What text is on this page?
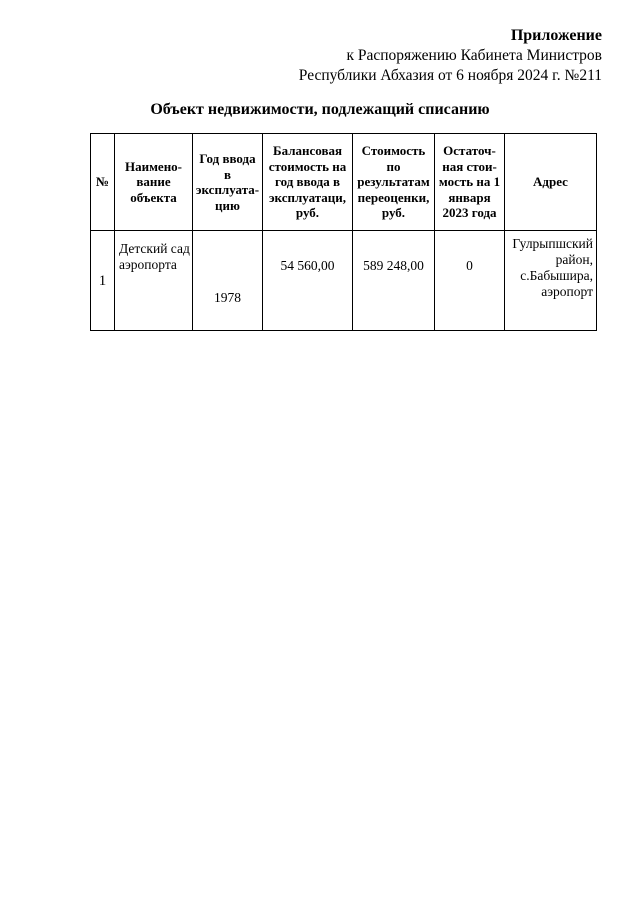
Приложение
к Распоряжению Кабинета Министров
Республики Абхазия от 6 ноября 2024 г. №211
Объект недвижимости, подлежащий списанию
№	Наимено-вание объекта	Год ввода в эксплуата-цию	Балансовая стоимость на год ввода в эксплуатаци, руб.	Стоимость по результатам переоценки, руб.	Остаточ-ная стои-мость на 1 января 2023 года	Адрес
1	Детский сад аэропорта	1978	54 560,00	589 248,00	0	Гулрыпшский район, с.Бабышира, аэропорт
